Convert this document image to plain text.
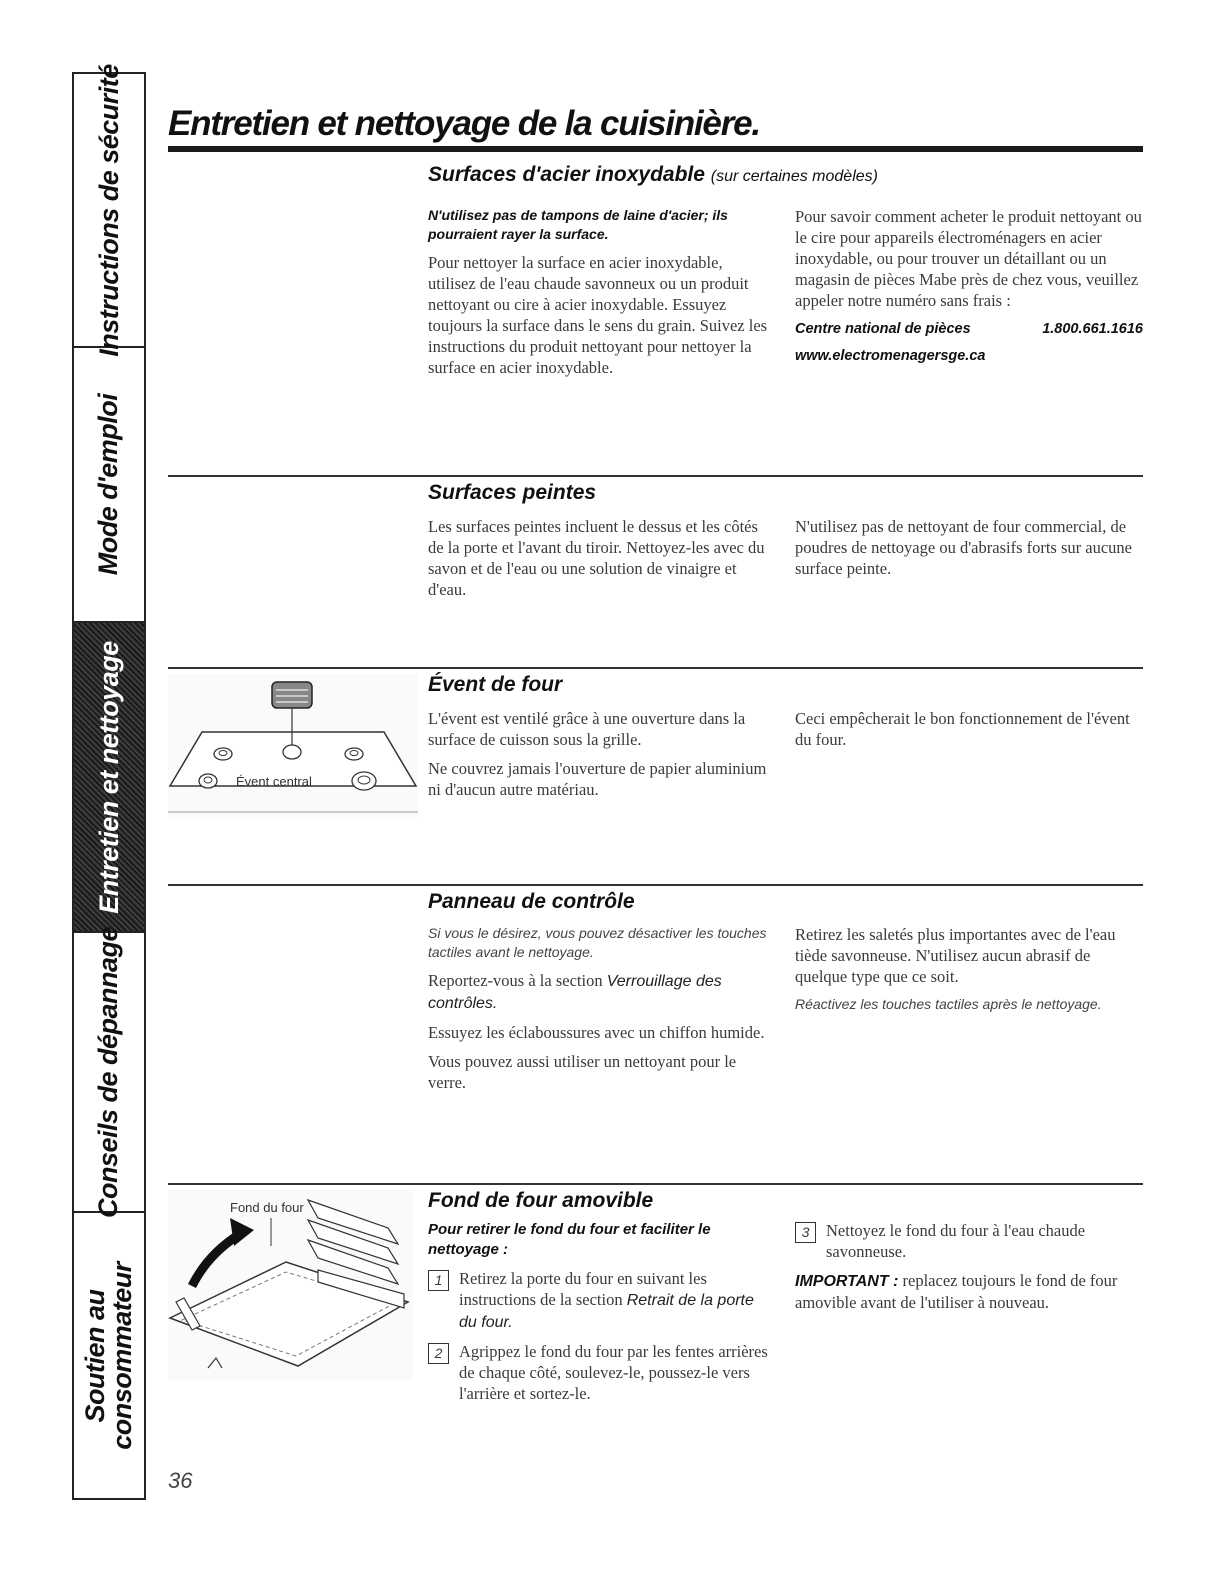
Instructions de sécurité
Mode d'emploi
Entretien et nettoyage
Conseils de dépannage
Soutien au
consommateur
Entretien et nettoyage de la cuisinière.
Surfaces d'acier inoxydable (sur certaines modèles)

N'utilisez pas de tampons de laine d'acier; ils pourraient rayer la surface.

Pour nettoyer la surface en acier inoxydable, utilisez de l'eau chaude savonneux ou un produit nettoyant ou cire à acier inoxydable. Essuyez toujours la surface dans le sens du grain. Suivez les instructions du produit nettoyant pour nettoyer la surface en acier inoxydable.

Pour savoir comment acheter le produit nettoyant ou le cire pour appareils électroménagers en acier inoxydable, ou pour trouver un détaillant ou un magasin de pièces Mabe près de chez vous, veuillez appeler notre numéro sans frais :

Centre national de pièces	1.800.661.1616
www.electromenagersge.ca
Surfaces peintes

Les surfaces peintes incluent le dessus et les côtés de la porte et l'avant du tiroir. Nettoyez-les avec du savon et de l'eau ou une solution de vinaigre et d'eau.

N'utilisez pas de nettoyant de four commercial, de poudres de nettoyage ou d'abrasifs forts sur aucune surface peinte.

Évent central
Évent de four

L'évent est ventilé grâce à une ouverture dans la surface de cuisson sous la grille.

Ne couvrez jamais l'ouverture de papier aluminium ni d'aucun autre matériau.

Ceci empêcherait le bon fonctionnement de l'évent du four.

Panneau de contrôle

Si vous le désirez, vous pouvez désactiver les touches tactiles avant le nettoyage.

Reportez-vous à la section Verrouillage des contrôles.

Essuyez les éclaboussures avec un chiffon humide.

Vous pouvez aussi utiliser un nettoyant pour le verre.

Retirez les saletés plus importantes avec de l'eau tiède savonneuse. N'utilisez aucun abrasif de quelque type que ce soit.

Réactivez les touches tactiles après le nettoyage.

Fond du four	Fond de four amovible

Pour retirer le fond du four et faciliter le nettoyage :

1	Retirez la porte du four en suivant les instructions de la section Retrait de la porte du four.
2	Agrippez le fond du four par les fentes arrières de chaque côté, soulevez-le, poussez-le vers l'arrière et sortez-le.
3	Nettoyez le fond du four à l'eau chaude savonneuse.

IMPORTANT : replacez toujours le fond de four amovible avant de l'utiliser à nouveau.

36
